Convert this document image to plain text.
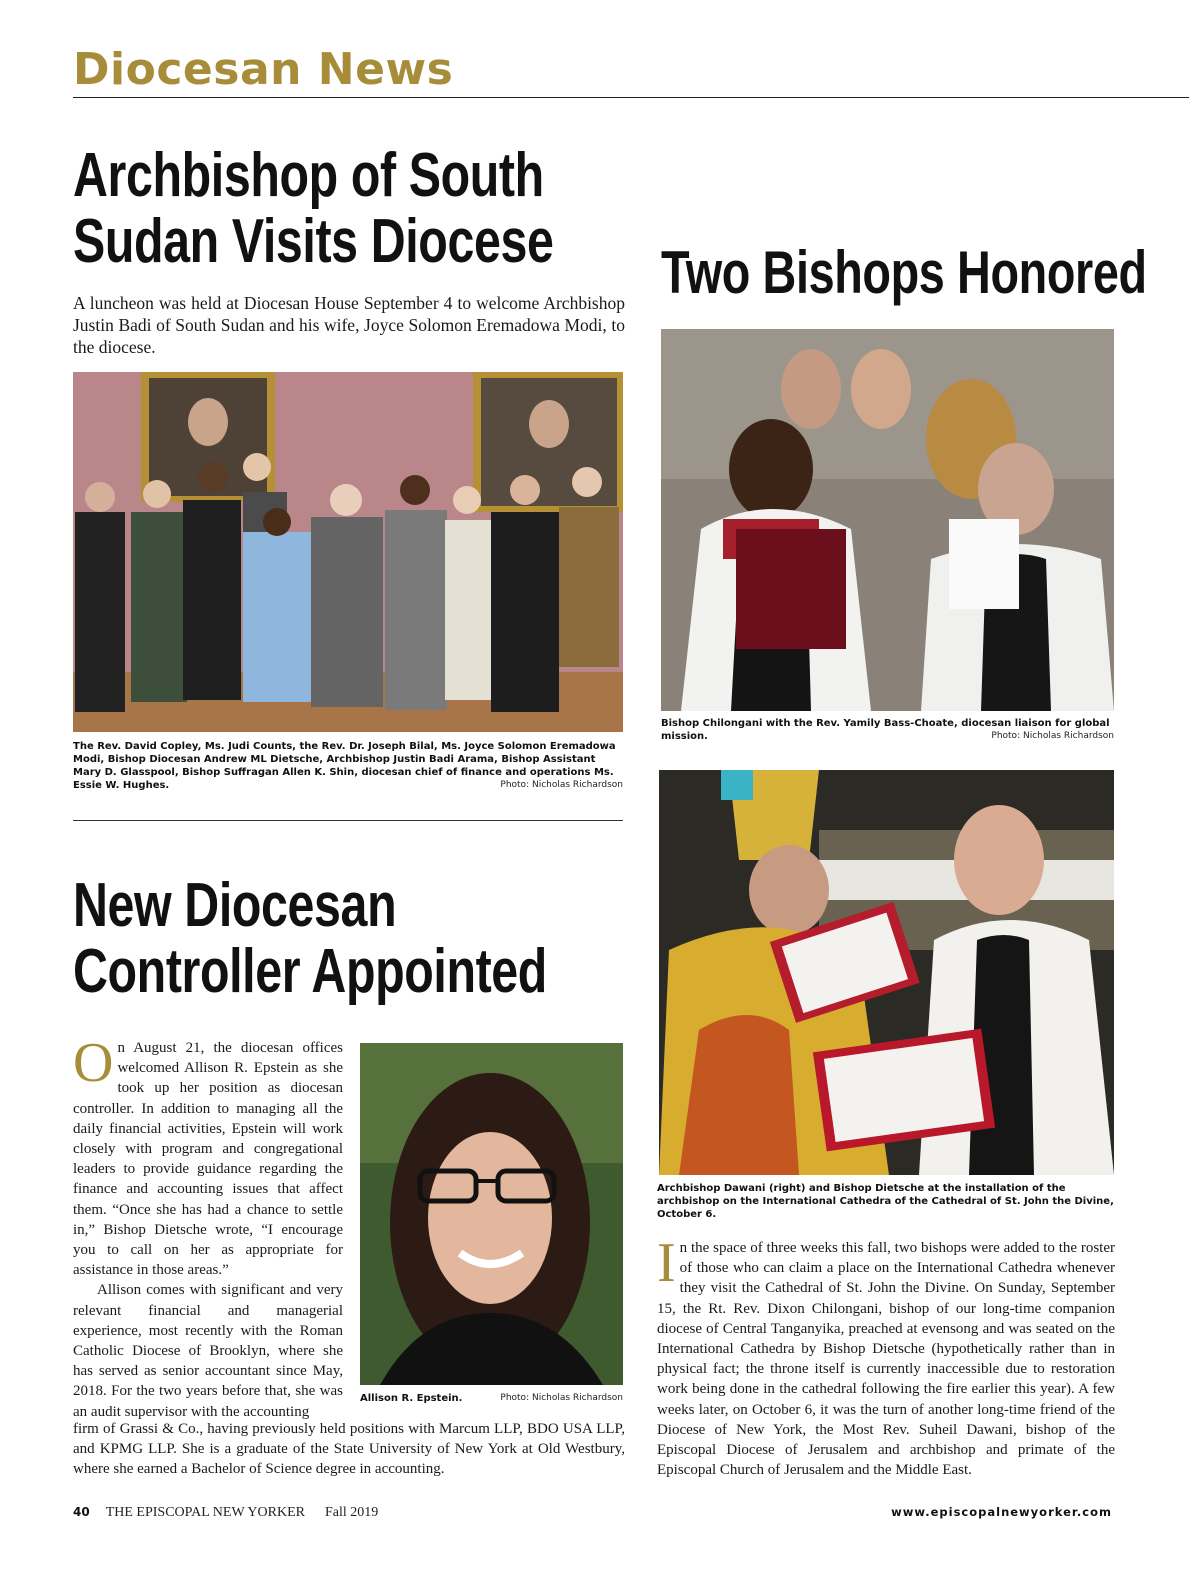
Diocesan News
Archbishop of South
Sudan Visits Diocese
A luncheon was held at Diocesan House September 4 to welcome Archbishop Justin Badi of South Sudan and his wife, Joyce Solomon Eremadowa Modi, to the diocese.
The Rev. David Copley, Ms. Judi Counts, the Rev. Dr. Joseph Bilal, Ms. Joyce Solomon Eremadowa Modi, Bishop Diocesan Andrew ML Dietsche, Archbishop Justin Badi Arama, Bishop Assistant Mary D. Glasspool, Bishop Suffragan Allen K. Shin, diocesan chief of finance and operations Ms. Essie W. Hughes.	Photo: Nicholas Richardson
New Diocesan
Controller Appointed
On August 21, the diocesan offices welcomed Allison R. Epstein as she took up her position as diocesan controller. In addition to managing all the daily financial activities, Epstein will work closely with program and congregational leaders to provide guidance regarding the finance and accounting issues that affect them. “Once she has had a chance to settle in,” Bishop Dietsche wrote, “I encourage you to call on her as appropriate for assistance in those areas.”
Allison comes with significant and very relevant financial and managerial experience, most recently with the Roman Catholic Diocese of Brooklyn, where she has served as senior accountant since May, 2018. For the two years before that, she was an audit supervisor with the accounting
firm of Grassi & Co., having previously held positions with Marcum LLP, BDO USA LLP, and KPMG LLP. She is a graduate of the State University of New York at Old Westbury, where she earned a Bachelor of Science degree in accounting.
Allison R. Epstein.	Photo: Nicholas Richardson
Two Bishops Honored
Bishop Chilongani with the Rev. Yamily Bass-Choate, diocesan liaison for global mission.	Photo: Nicholas Richardson
Archbishop Dawani (right) and Bishop Dietsche at the installation of the archbishop on the International Cathedra of the Cathedral of St. John the Divine, October 6.
In the space of three weeks this fall, two bishops were added to the roster of those who can claim a place on the International Cathedra whenever they visit the Cathedral of St. John the Divine. On Sunday, September 15, the Rt. Rev. Dixon Chilongani, bishop of our long-time companion diocese of Central Tanganyika, preached at evensong and was seated on the International Cathedra by Bishop Dietsche (hypothetically rather than in physical fact; the throne itself is currently inaccessible due to restoration work being done in the cathedral following the fire earlier this year). A few weeks later, on October 6, it was the turn of another long-time friend of the Diocese of New York, the Most Rev. Suheil Dawani, bishop of the Episcopal Diocese of Jerusalem and archbishop and primate of the Episcopal Church of Jerusalem and the Middle East.
40 THE EPISCOPAL NEW YORKER Fall 2019	www.episcopalnewyorker.com
